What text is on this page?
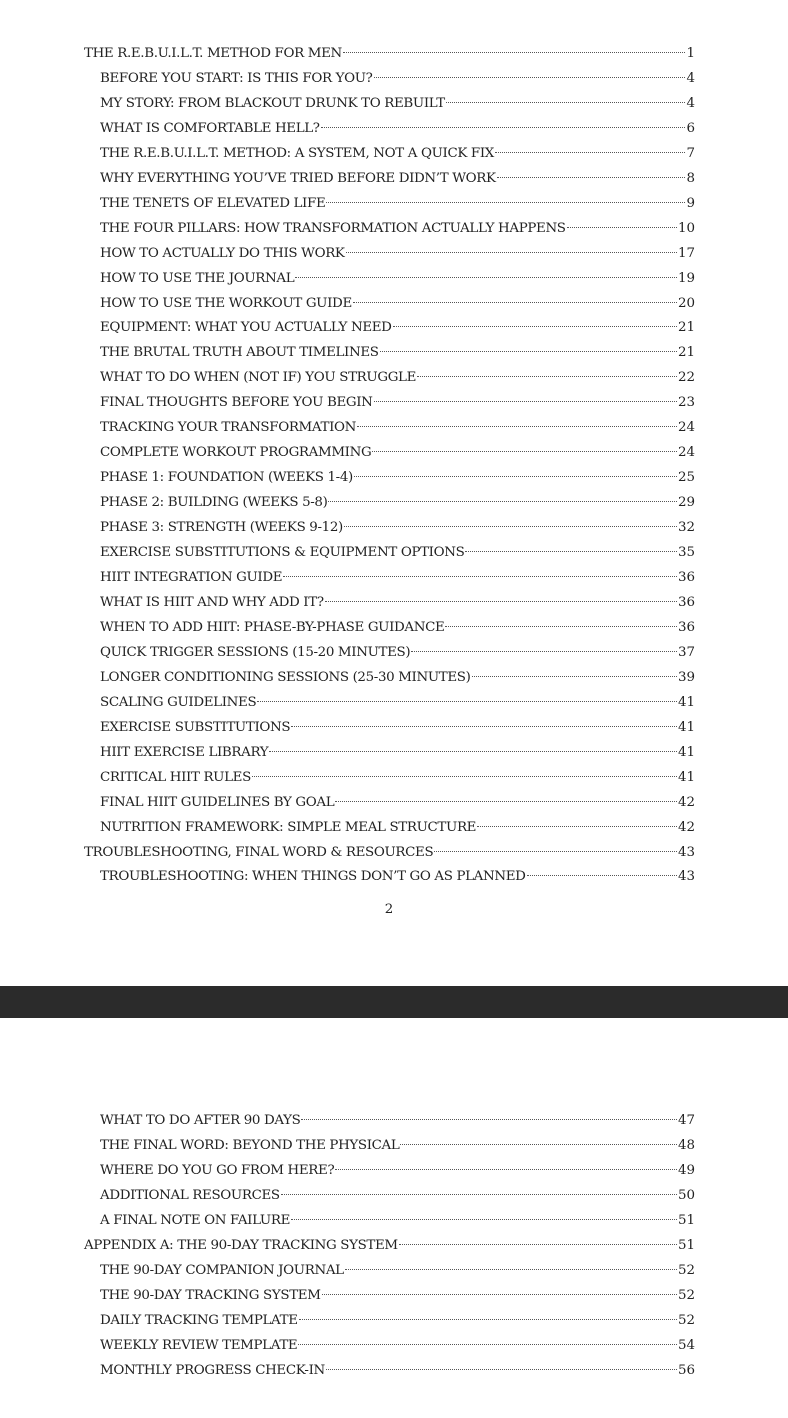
THE R.E.B.U.I.L.T. METHOD FOR MEN	1
BEFORE YOU START: IS THIS FOR YOU?	4
MY STORY: FROM BLACKOUT DRUNK TO REBUILT	4
WHAT IS COMFORTABLE HELL?	6
THE R.E.B.U.I.L.T. METHOD: A SYSTEM, NOT A QUICK FIX	7
WHY EVERYTHING YOU’VE TRIED BEFORE DIDN’T WORK	8
THE TENETS OF ELEVATED LIFE	9
THE FOUR PILLARS: HOW TRANSFORMATION ACTUALLY HAPPENS	10
HOW TO ACTUALLY DO THIS WORK	17
HOW TO USE THE JOURNAL	19
HOW TO USE THE WORKOUT GUIDE	20
EQUIPMENT: WHAT YOU ACTUALLY NEED	21
THE BRUTAL TRUTH ABOUT TIMELINES	21
WHAT TO DO WHEN (NOT IF) YOU STRUGGLE	22
FINAL THOUGHTS BEFORE YOU BEGIN	23
TRACKING YOUR TRANSFORMATION	24
COMPLETE WORKOUT PROGRAMMING	24
PHASE 1: FOUNDATION (WEEKS 1-4)	25
PHASE 2: BUILDING (WEEKS 5-8)	29
PHASE 3: STRENGTH (WEEKS 9-12)	32
EXERCISE SUBSTITUTIONS & EQUIPMENT OPTIONS	35
HIIT INTEGRATION GUIDE	36
WHAT IS HIIT AND WHY ADD IT?	36
WHEN TO ADD HIIT: PHASE-BY-PHASE GUIDANCE	36
QUICK TRIGGER SESSIONS (15-20 MINUTES)	37
LONGER CONDITIONING SESSIONS (25-30 MINUTES)	39
SCALING GUIDELINES	41
EXERCISE SUBSTITUTIONS	41
HIIT EXERCISE LIBRARY	41
CRITICAL HIIT RULES	41
FINAL HIIT GUIDELINES BY GOAL	42
NUTRITION FRAMEWORK: SIMPLE MEAL STRUCTURE	42
TROUBLESHOOTING, FINAL WORD & RESOURCES	43
TROUBLESHOOTING: WHEN THINGS DON’T GO AS PLANNED	43
2
WHAT TO DO AFTER 90 DAYS	47
THE FINAL WORD: BEYOND THE PHYSICAL	48
WHERE DO YOU GO FROM HERE?	49
ADDITIONAL RESOURCES	50
A FINAL NOTE ON FAILURE	51
APPENDIX A: THE 90-DAY TRACKING SYSTEM	51
THE 90-DAY COMPANION JOURNAL	52
THE 90-DAY TRACKING SYSTEM	52
DAILY TRACKING TEMPLATE	52
WEEKLY REVIEW TEMPLATE	54
MONTHLY PROGRESS CHECK-IN	56
